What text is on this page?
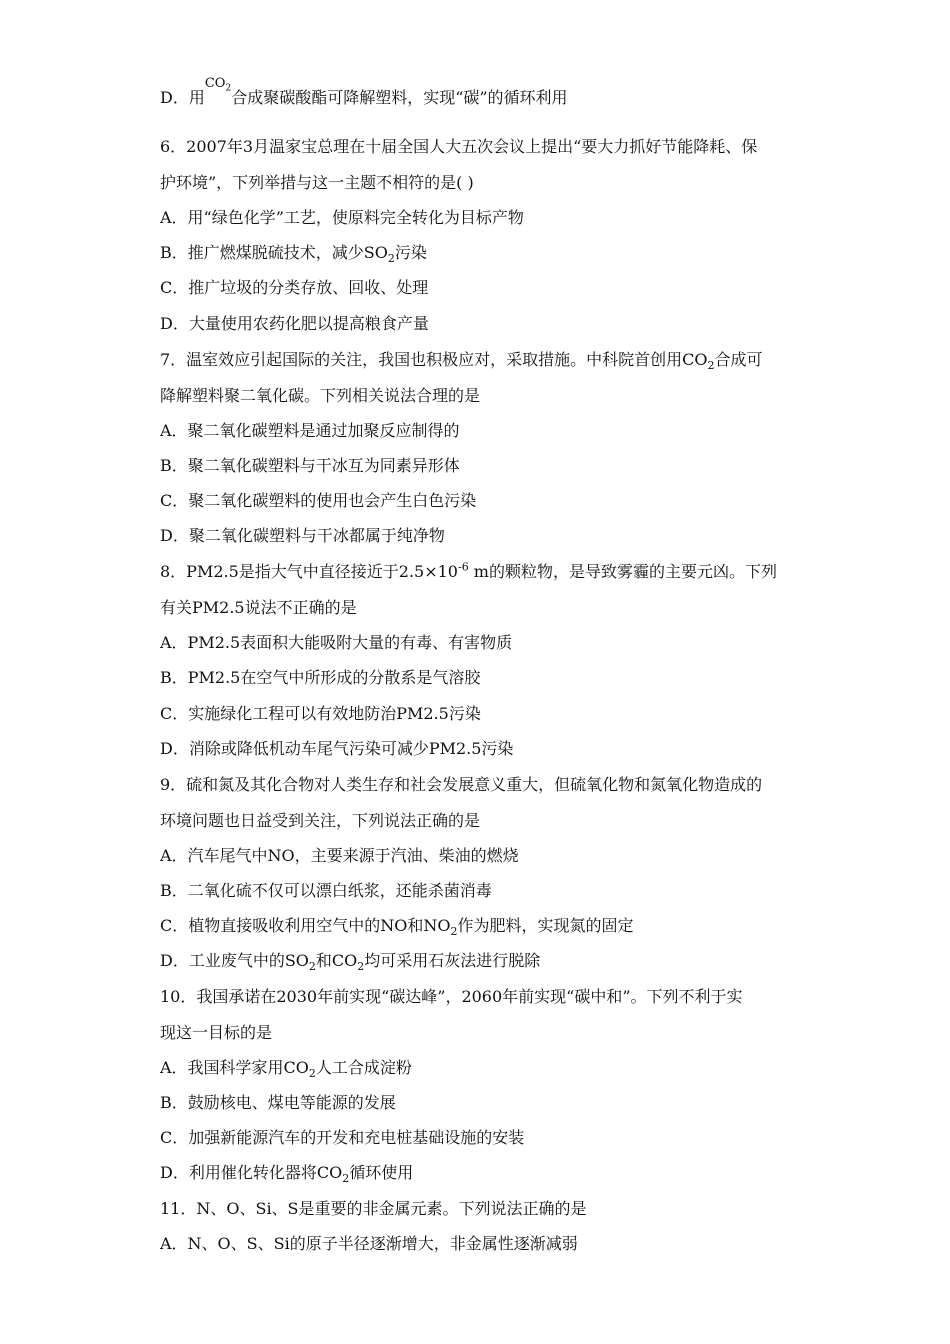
D．用$^{CO_2}$合成聚碳酸酯可降解塑料，实现“碳”的循环利用
6．2007年3月温家宝总理在十届全国人大五次会议上提出“要大力抓好节能降耗、保
护环境”，下列举措与这一主题不相符的是( )
A．用“绿色化学”工艺，使原料完全转化为目标产物
B．推广燃煤脱硫技术，减少$SO_2$污染
C．推广垃圾的分类存放、回收、处理
D．大量使用农药化肥以提高粮食产量
7．温室效应引起国际的关注，我国也积极应对，采取措施。中科院首创用$CO_2$合成可
降解塑料聚二氧化碳。下列相关说法合理的是
A．聚二氧化碳塑料是通过加聚反应制得的
B．聚二氧化碳塑料与干冰互为同素异形体
C．聚二氧化碳塑料的使用也会产生白色污染
D．聚二氧化碳塑料与干冰都属于纯净物
8．PM2.5是指大气中直径接近于$2.5\times 10^{-6}$ m的颗粒物，是导致雾霾的主要元凶。下列
有关PM2.5说法不正确的是
A．PM2.5表面积大能吸附大量的有毒、有害物质
B．PM2.5在空气中所形成的分散系是气溶胶
C．实施绿化工程可以有效地防治PM2.5污染
D．消除或降低机动车尾气污染可减少PM2.5污染
9．硫和氮及其化合物对人类生存和社会发展意义重大，但硫氧化物和氮氧化物造成的
环境问题也日益受到关注，下列说法正确的是
A．汽车尾气中NO，主要来源于汽油、柴油的燃烧
B．二氧化硫不仅可以漂白纸浆，还能杀菌消毒
C．植物直接吸收利用空气中的NO和$NO_2$作为肥料，实现氮的固定
D．工业废气中的$SO_2$和$CO_2$均可采用石灰法进行脱除
10．我国承诺在2030年前实现“碳达峰”，2060年前实现“碳中和”。下列不利于实
现这一目标的是
A．我国科学家用$CO_2$人工合成淀粉
B．鼓励核电、煤电等能源的发展
C．加强新能源汽车的开发和充电桩基础设施的安装
D．利用催化转化器将$CO_2$循环使用
11．N、O、Si、S是重要的非金属元素。下列说法正确的是
A．N、O、S、Si的原子半径逐渐增大，非金属性逐渐减弱
